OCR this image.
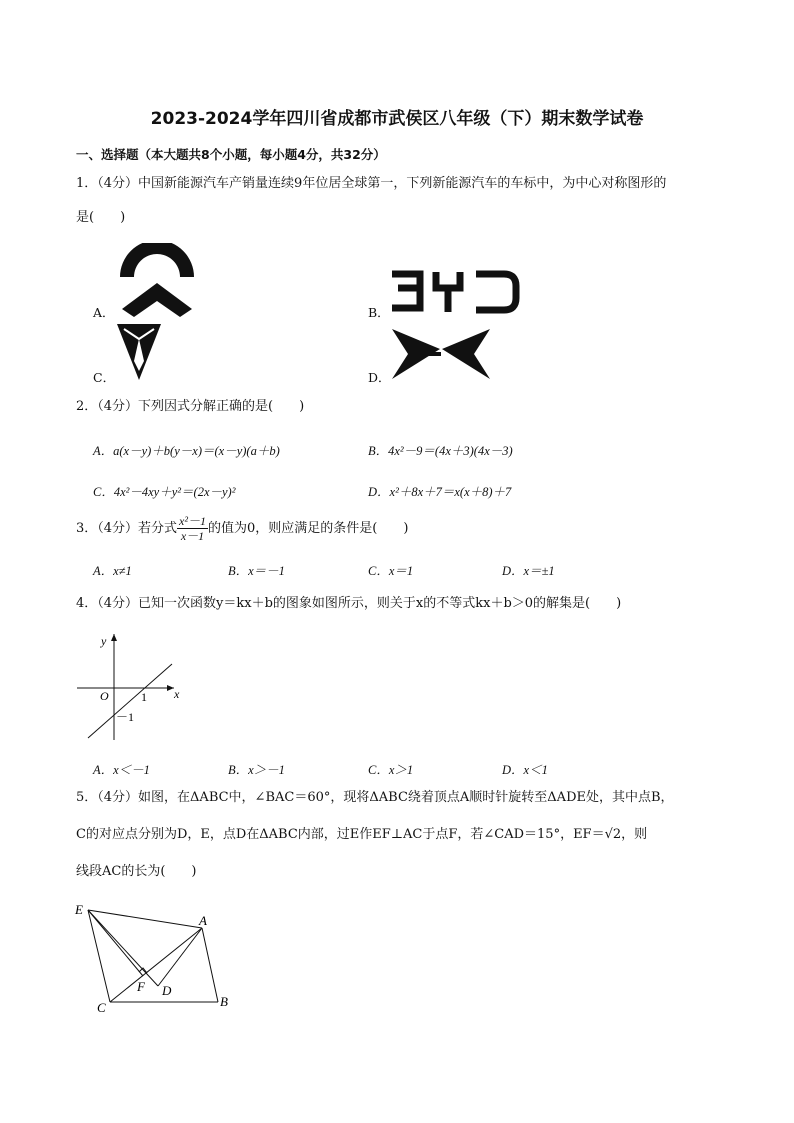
2023-2024学年四川省成都市武侯区八年级（下）期末数学试卷
一、选择题（本大题共8个小题，每小题4分，共32分）
1．（4分）中国新能源汽车产销量连续9年位居全球第一，下列新能源汽车的车标中，为中心对称图形的
是(　　)
A．	B．
C．	D．
2．（4分）下列因式分解正确的是(　　)
A．a(x－y)＋b(y－x)＝(x－y)(a＋b)	B．4x²－9＝(4x＋3)(4x－3)
C．4x²－4xy＋y²＝(2x－y)²	D．x²＋8x＋7＝x(x＋8)＋7
3．（4分）若分式 $\frac{\text{x²－1}}{x-1}$ 的值为0，则应满足的条件是(　　)
A．x≠1	B．x＝－1	C．x＝1	D．x＝±1
4．（4分）已知一次函数y＝kx＋b的图象如图所示，则关于x的不等式kx＋b＞0的解集是(　　)
y
x
O	1
－1
A．x＜－1	B．x＞－1	C．x＞1	D．x＜1
5．（4分）如图，在ΔABC中，∠BAC＝60°，现将ΔABC绕着顶点A顺时针旋转至ΔADE处，其中点B，
C的对应点分别为D，E，点D在ΔABC内部，过E作EF⊥AC于点F，若∠CAD＝15°，EF＝√2，则
线段AC的长为(　　)
E
A
F D
C	B
